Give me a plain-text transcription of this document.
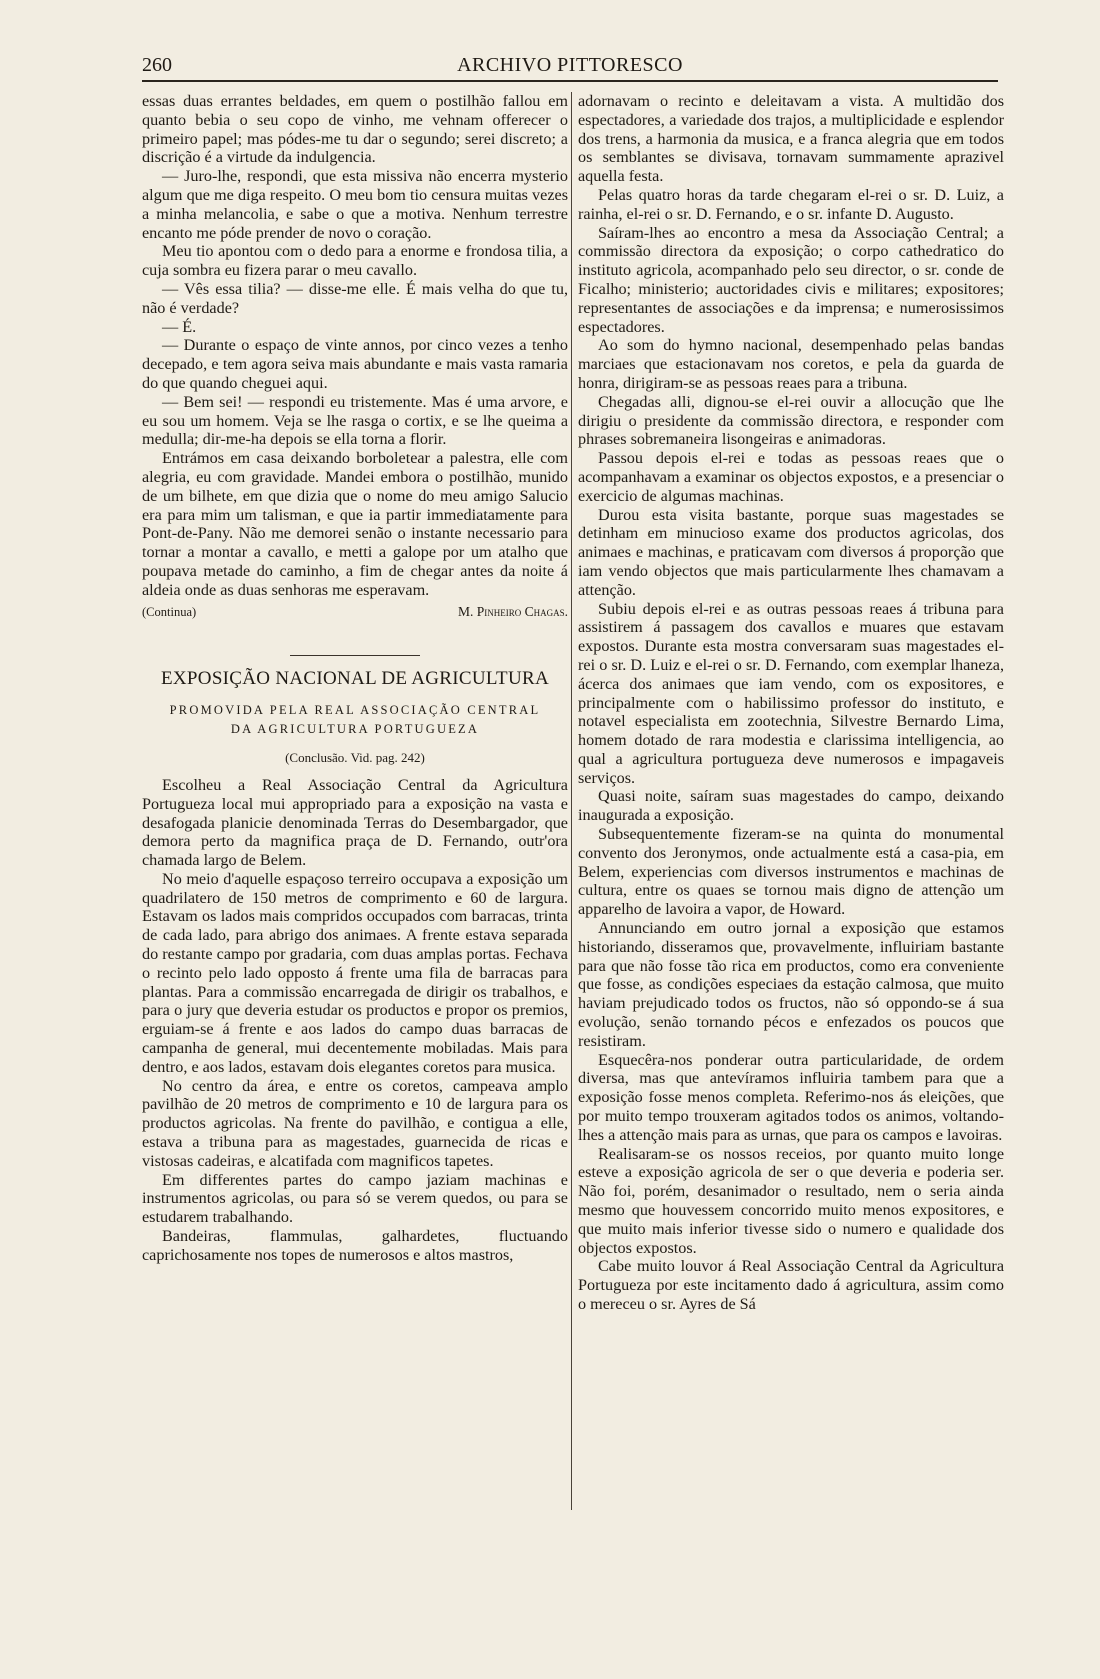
260	ARCHIVO PITTORESCO

essas duas errantes beldades, em quem o postilhão fallou em quanto bebia o seu copo de vinho, me vehnam offerecer o primeiro papel; mas pódes-me tu dar o segundo; serei discreto; a discrição é a virtude da indulgencia.

— Juro-lhe, respondi, que esta missiva não encerra mysterio algum que me diga respeito. O meu bom tio censura muitas vezes a minha melancolia, e sabe o que a motiva. Nenhum terrestre encanto me póde prender de novo o coração.

Meu tio apontou com o dedo para a enorme e frondosa tilia, a cuja sombra eu fizera parar o meu cavallo.

— Vês essa tilia? — disse-me elle. É mais velha do que tu, não é verdade?

— É.

— Durante o espaço de vinte annos, por cinco vezes a tenho decepado, e tem agora seiva mais abundante e mais vasta ramaria do que quando cheguei aqui.

— Bem sei! — respondi eu tristemente. Mas é uma arvore, e eu sou um homem. Veja se lhe rasga o cortix, e se lhe queima a medulla; dir-me-ha depois se ella torna a florir.

Entrámos em casa deixando borboletear a palestra, elle com alegria, eu com gravidade. Mandei embora o postilhão, munido de um bilhete, em que dizia que o nome do meu amigo Salucio era para mim um talisman, e que ia partir immediatamente para Pont-de-Pany. Não me demorei senão o instante necessario para tornar a montar a cavallo, e metti a galope por um atalho que poupava metade do caminho, a fim de chegar antes da noite á aldeia onde as duas senhoras me esperavam.

(Continua)	M. Pinheiro Chagas.
EXPOSIÇÃO NACIONAL DE AGRICULTURA
PROMOVIDA PELA REAL ASSOCIAÇÃO CENTRAL
DA AGRICULTURA PORTUGUEZA
(Conclusão. Vid. pag. 242)

Escolheu a Real Associação Central da Agricultura Portugueza local mui appropriado para a exposição na vasta e desafogada planicie denominada Terras do Desembargador, que demora perto da magnifica praça de D. Fernando, outr'ora chamada largo de Belem.

No meio d'aquelle espaçoso terreiro occupava a exposição um quadrilatero de 150 metros de comprimento e 60 de largura. Estavam os lados mais compridos occupados com barracas, trinta de cada lado, para abrigo dos animaes. A frente estava separada do restante campo por gradaria, com duas amplas portas. Fechava o recinto pelo lado opposto á frente uma fila de barracas para plantas. Para a commissão encarregada de dirigir os trabalhos, e para o jury que deveria estudar os productos e propor os premios, erguiam-se á frente e aos lados do campo duas barracas de campanha de general, mui decentemente mobiladas. Mais para dentro, e aos lados, estavam dois elegantes coretos para musica.

No centro da área, e entre os coretos, campeava amplo pavilhão de 20 metros de comprimento e 10 de largura para os productos agricolas. Na frente do pavilhão, e contigua a elle, estava a tribuna para as magestades, guarnecida de ricas e vistosas cadeiras, e alcatifada com magnificos tapetes.

Em differentes partes do campo jaziam machinas e instrumentos agricolas, ou para só se verem quedos, ou para se estudarem trabalhando.

Bandeiras, flammulas, galhardetes, fluctuando caprichosamente nos topes de numerosos e altos mastros,

adornavam o recinto e deleitavam a vista. A multidão dos espectadores, a variedade dos trajos, a multiplicidade e esplendor dos trens, a harmonia da musica, e a franca alegria que em todos os semblantes se divisava, tornavam summamente aprazivel aquella festa.

Pelas quatro horas da tarde chegaram el-rei o sr. D. Luiz, a rainha, el-rei o sr. D. Fernando, e o sr. infante D. Augusto.

Saíram-lhes ao encontro a mesa da Associação Central; a commissão directora da exposição; o corpo cathedratico do instituto agricola, acompanhado pelo seu director, o sr. conde de Ficalho; ministerio; auctoridades civis e militares; expositores; representantes de associações e da imprensa; e numerosissimos espectadores.

Ao som do hymno nacional, desempenhado pelas bandas marciaes que estacionavam nos coretos, e pela da guarda de honra, dirigiram-se as pessoas reaes para a tribuna.

Chegadas alli, dignou-se el-rei ouvir a allocução que lhe dirigiu o presidente da commissão directora, e responder com phrases sobremaneira lisongeiras e animadoras.

Passou depois el-rei e todas as pessoas reaes que o acompanhavam a examinar os objectos expostos, e a presenciar o exercicio de algumas machinas.

Durou esta visita bastante, porque suas magestades se detinham em minucioso exame dos productos agricolas, dos animaes e machinas, e praticavam com diversos á proporção que iam vendo objectos que mais particularmente lhes chamavam a attenção.

Subiu depois el-rei e as outras pessoas reaes á tribuna para assistirem á passagem dos cavallos e muares que estavam expostos. Durante esta mostra conversaram suas magestades el-rei o sr. D. Luiz e el-rei o sr. D. Fernando, com exemplar lhaneza, ácerca dos animaes que iam vendo, com os expositores, e principalmente com o habilissimo professor do instituto, e notavel especialista em zootechnia, Silvestre Bernardo Lima, homem dotado de rara modestia e clarissima intelligencia, ao qual a agricultura portugueza deve numerosos e impagaveis serviços.

Quasi noite, saíram suas magestades do campo, deixando inaugurada a exposição.

Subsequentemente fizeram-se na quinta do monumental convento dos Jeronymos, onde actualmente está a casa-pia, em Belem, experiencias com diversos instrumentos e machinas de cultura, entre os quaes se tornou mais digno de attenção um apparelho de lavoira a vapor, de Howard.

Annunciando em outro jornal a exposição que estamos historiando, disseramos que, provavelmente, influiriam bastante para que não fosse tão rica em productos, como era conveniente que fosse, as condições especiaes da estação calmosa, que muito haviam prejudicado todos os fructos, não só oppondo-se á sua evolução, senão tornando pécos e enfezados os poucos que resistiram.

Esquecêra-nos ponderar outra particularidade, de ordem diversa, mas que antevíramos influiria tambem para que a exposição fosse menos completa. Referimo-nos ás eleições, que por muito tempo trouxeram agitados todos os animos, voltando-lhes a attenção mais para as urnas, que para os campos e lavoiras.

Realisaram-se os nossos receios, por quanto muito longe esteve a exposição agricola de ser o que deveria e poderia ser. Não foi, porém, desanimador o resultado, nem o seria ainda mesmo que houvessem concorrido muito menos expositores, e que muito mais inferior tivesse sido o numero e qualidade dos objectos expostos.

Cabe muito louvor á Real Associação Central da Agricultura Portugueza por este incitamento dado á agricultura, assim como o mereceu o sr. Ayres de Sá
